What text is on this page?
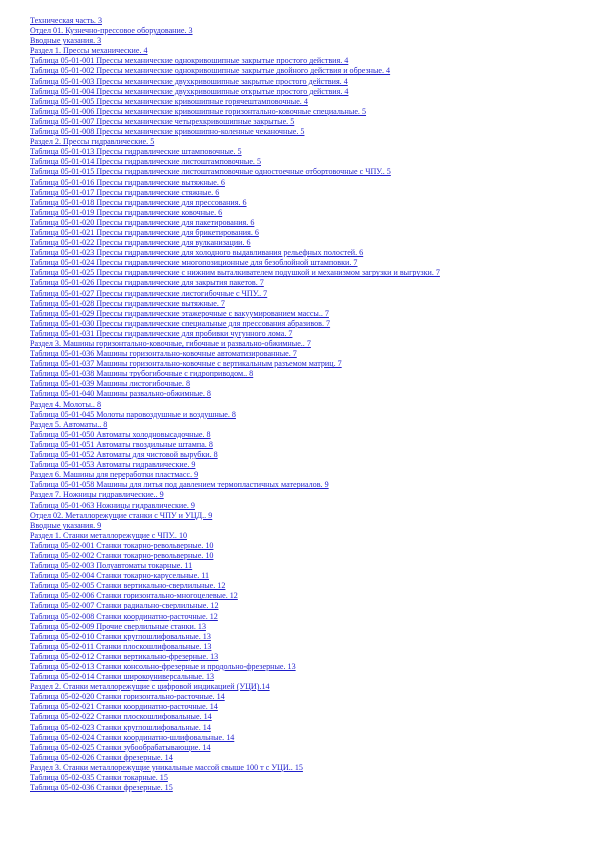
Техническая часть. 3
Отдел 01. Кузнечно-прессовое оборудование. 3
Вводные указания. 3
Раздел 1. Прессы механические. 4
Таблица 05-01-001 Прессы механические однокривошипные закрытые простого действия. 4
Таблица 05-01-002 Прессы механические однокривошипные закрытые двойного действия и обрезные. 4
Таблица 05-01-003 Прессы механические двухкривошипные закрытые простого действия. 4
Таблица 05-01-004 Прессы механические двухкривошипные открытые простого действия. 4
Таблица 05-01-005 Прессы механические кривошипные горячештамповочные. 4
Таблица 05-01-006 Прессы механические кривошипные горизонтально-ковочные специальные. 5
Таблица 05-01-007 Прессы механические четырехкривошипные закрытые. 5
Таблица 05-01-008 Прессы механические кривошипно-коленные чеканочные. 5
Раздел 2. Прессы гидравлические. 5
Таблица 05-01-013 Прессы гидравлические штамповочные. 5
Таблица 05-01-014 Прессы гидравлические листоштамповочные. 5
Таблица 05-01-015 Прессы гидравлические листоштамповочные одностоечные отбортовочные с ЧПУ.. 5
Таблица 05-01-016 Прессы гидравлические вытяжные. 6
Таблица 05-01-017 Прессы гидравлические стяжные. 6
Таблица 05-01-018 Прессы гидравлические для прессования. 6
Таблица 05-01-019 Прессы гидравлические ковочные. 6
Таблица 05-01-020 Прессы гидравлические для пакетирования. 6
Таблица 05-01-021 Прессы гидравлические для брикетирования. 6
Таблица 05-01-022 Прессы гидравлические для вулканизации. 6
Таблица 05-01-023 Прессы гидравлические для холодного выдавливания рельефных полостей. 6
Таблица 05-01-024 Прессы гидравлические многопозиционные для безоблойной штамповки. 7
Таблица 05-01-025 Прессы гидравлические с нижним выталкивателем подушкой и механизмом загрузки и выгрузки. 7
Таблица 05-01-026 Прессы гидравлические для закрытия пакетов. 7
Таблица 05-01-027 Прессы гидравлические листогибочные с ЧПУ.. 7
Таблица 05-01-028 Прессы гидравлические вытяжные. 7
Таблица 05-01-029 Прессы гидравлические этажерочные с вакуумированием массы.. 7
Таблица 05-01-030 Прессы гидравлические специальные для прессования абразивов. 7
Таблица 05-01-031 Прессы гидравлические для пробивки чугунного лома. 7
Раздел 3. Машины горизонтально-ковочные, гибочные и развально-обжимные.. 7
Таблица 05-01-036 Машины горизонтально-ковочные автоматизированные. 7
Таблица 05-01-037 Машины горизонтально-ковочные с вертикальным разъемом матриц. 7
Таблица 05-01-038 Машины трубогибочные с гидроприводом.. 8
Таблица 05-01-039 Машины листогибочные. 8
Таблица 05-01-040 Машины развально-обжимные. 8
Раздел 4. Молоты.. 8
Таблица 05-01-045 Молоты паровоздушные и воздушные. 8
Раздел 5. Автоматы.. 8
Таблица 05-01-050 Автоматы холодновысадочные. 8
Таблица 05-01-051 Автоматы гвоздильные штампа. 8
Таблица 05-01-052 Автоматы для чистовой вырубки. 8
Таблица 05-01-053 Автоматы гидравлические. 9
Раздел 6. Машины для переработки пластмасс. 9
Таблица 05-01-058 Машины для литья под давлением термопластичных материалов. 9
Раздел 7. Ножницы гидравлические.. 9
Таблица 05-01-063 Ножницы гидравлические. 9
Отдел 02. Металлорежущие станки с ЧПУ и УЦД.. 9
Вводные указания. 9
Раздел 1. Станки металлорежущие с ЧПУ.. 10
Таблица 05-02-001 Станки токарно-револьверные. 10
Таблица 05-02-002 Станки токарно-револьверные. 10
Таблица 05-02-003 Полуавтоматы токарные. 11
Таблица 05-02-004 Станки токарно-карусельные. 11
Таблица 05-02-005 Станки вертикально-сверлильные. 12
Таблица 05-02-006 Станки горизонтально-многоцелевые. 12
Таблица 05-02-007 Станки радиально-сверлильные. 12
Таблица 05-02-008 Станки координатно-расточные. 12
Таблица 05-02-009 Прочие сверлильные станки. 13
Таблица 05-02-010 Станки круглошлифовальные. 13
Таблица 05-02-011 Станки плоскошлифовальные. 13
Таблица 05-02-012 Станки вертикально-фрезерные. 13
Таблица 05-02-013 Станки консольно-фрезерные и продольно-фрезерные. 13
Таблица 05-02-014 Станки широкоуниверсальные. 13
Раздел 2. Станки металлорежущие с цифровой индикацией (УЦИ).14
Таблица 05-02-020 Станки горизонтально-расточные. 14
Таблица 05-02-021 Станки координатно-расточные. 14
Таблица 05-02-022 Станки плоскошлифовальные. 14
Таблица 05-02-023 Станки круглошлифовальные. 14
Таблица 05-02-024 Станки координатно-шлифовальные. 14
Таблица 05-02-025 Станки зубообрабатывающие. 14
Таблица 05-02-026 Станки фрезерные. 14
Раздел 3. Станки металлорежущие уникальные массой свыше 100 т с УЦИ.. 15
Таблица 05-02-035 Станки токарные. 15
Таблица 05-02-036 Станки фрезерные. 15
